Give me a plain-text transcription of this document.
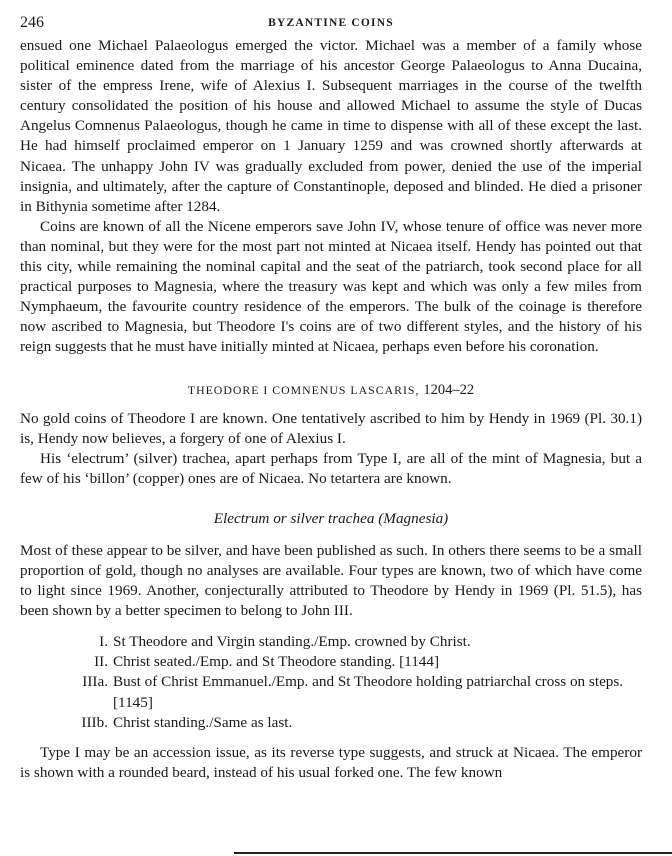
246	BYZANTINE COINS

ensued one Michael Palaeologus emerged the victor. Michael was a member of a family whose political eminence dated from the marriage of his ancestor George Palaeologus to Anna Ducaina, sister of the empress Irene, wife of Alexius I. Subsequent marriages in the course of the twelfth century consolidated the position of his house and allowed Michael to assume the style of Ducas Angelus Comnenus Palaeologus, though he came in time to dispense with all of these except the last. He had himself proclaimed emperor on 1 January 1259 and was crowned shortly afterwards at Nicaea. The unhappy John IV was gradually excluded from power, denied the use of the imperial insignia, and ultimately, after the capture of Constantinople, deposed and blinded. He died a prisoner in Bithynia sometime after 1284.

Coins are known of all the Nicene emperors save John IV, whose tenure of office was never more than nominal, but they were for the most part not minted at Nicaea itself. Hendy has pointed out that this city, while remaining the nominal capital and the seat of the patriarch, took second place for all practical purposes to Magnesia, where the treasury was kept and which was only a few miles from Nymphaeum, the favourite country residence of the emperors. The bulk of the coinage is therefore now ascribed to Magnesia, but Theodore I's coins are of two different styles, and the history of his reign suggests that he must have initially minted at Nicaea, perhaps even before his coronation.

THEODORE I COMNENUS LASCARIS, 1204–22

No gold coins of Theodore I are known. One tentatively ascribed to him by Hendy in 1969 (Pl. 30.1) is, Hendy now believes, a forgery of one of Alexius I.

His ‘electrum’ (silver) trachea, apart perhaps from Type I, are all of the mint of Magnesia, but a few of his ‘billon’ (copper) ones are of Nicaea. No tetartera are known.

Electrum or silver trachea (Magnesia)

Most of these appear to be silver, and have been published as such. In others there seems to be a small proportion of gold, though no analyses are available. Four types are known, two of which have come to light since 1969. Another, conjecturally attributed to Theodore by Hendy in 1969 (Pl. 51.5), has been shown by a better specimen to belong to John III.

I. St Theodore and Virgin standing./Emp. crowned by Christ.
II. Christ seated./Emp. and St Theodore standing. [1144]
IIIa. Bust of Christ Emmanuel./Emp. and St Theodore holding patriarchal cross on steps. [1145]
IIIb. Christ standing./Same as last.

Type I may be an accession issue, as its reverse type suggests, and struck at Nicaea. The emperor is shown with a rounded beard, instead of his usual forked one. The few known
